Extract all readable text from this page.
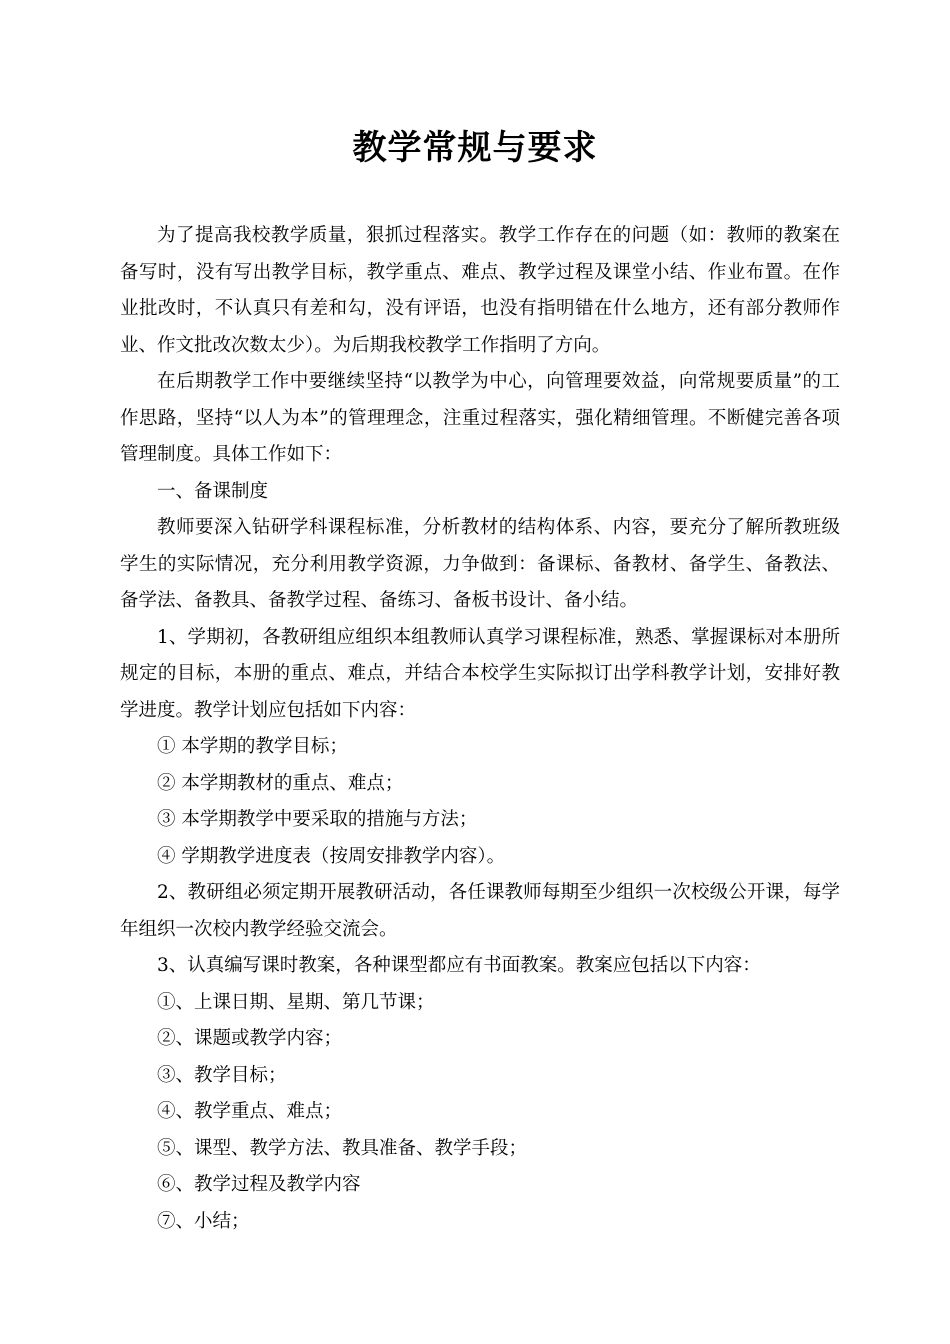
教学常规与要求

为了提高我校教学质量，狠抓过程落实。教学工作存在的问题（如：教师的教案在备写时，没有写出教学目标，教学重点、难点、教学过程及课堂小结、作业布置。在作业批改时，不认真只有差和勾，没有评语，也没有指明错在什么地方，还有部分教师作业、作文批改次数太少）。为后期我校教学工作指明了方向。

在后期教学工作中要继续坚持“以教学为中心，向管理要效益，向常规要质量”的工作思路，坚持“以人为本”的管理理念，注重过程落实，强化精细管理。不断健完善各项管理制度。具体工作如下：

一、备课制度

教师要深入钻研学科课程标准，分析教材的结构体系、内容，要充分了解所教班级学生的实际情况，充分利用教学资源，力争做到：备课标、备教材、备学生、备教法、备学法、备教具、备教学过程、备练习、备板书设计、备小结。

1、学期初，各教研组应组织本组教师认真学习课程标准，熟悉、掌握课标对本册所规定的目标，本册的重点、难点，并结合本校学生实际拟订出学科教学计划，安排好教学进度。教学计划应包括如下内容：

① 本学期的教学目标；

② 本学期教材的重点、难点；

③ 本学期教学中要采取的措施与方法；

④ 学期教学进度表（按周安排教学内容）。

2、教研组必须定期开展教研活动，各任课教师每期至少组织一次校级公开课，每学年组织一次校内教学经验交流会。

3、认真编写课时教案，各种课型都应有书面教案。教案应包括以下内容：

①、上课日期、星期、第几节课；

②、课题或教学内容；

③、教学目标；

④、教学重点、难点；

⑤、课型、教学方法、教具准备、教学手段；

⑥、教学过程及教学内容

⑦、小结；
